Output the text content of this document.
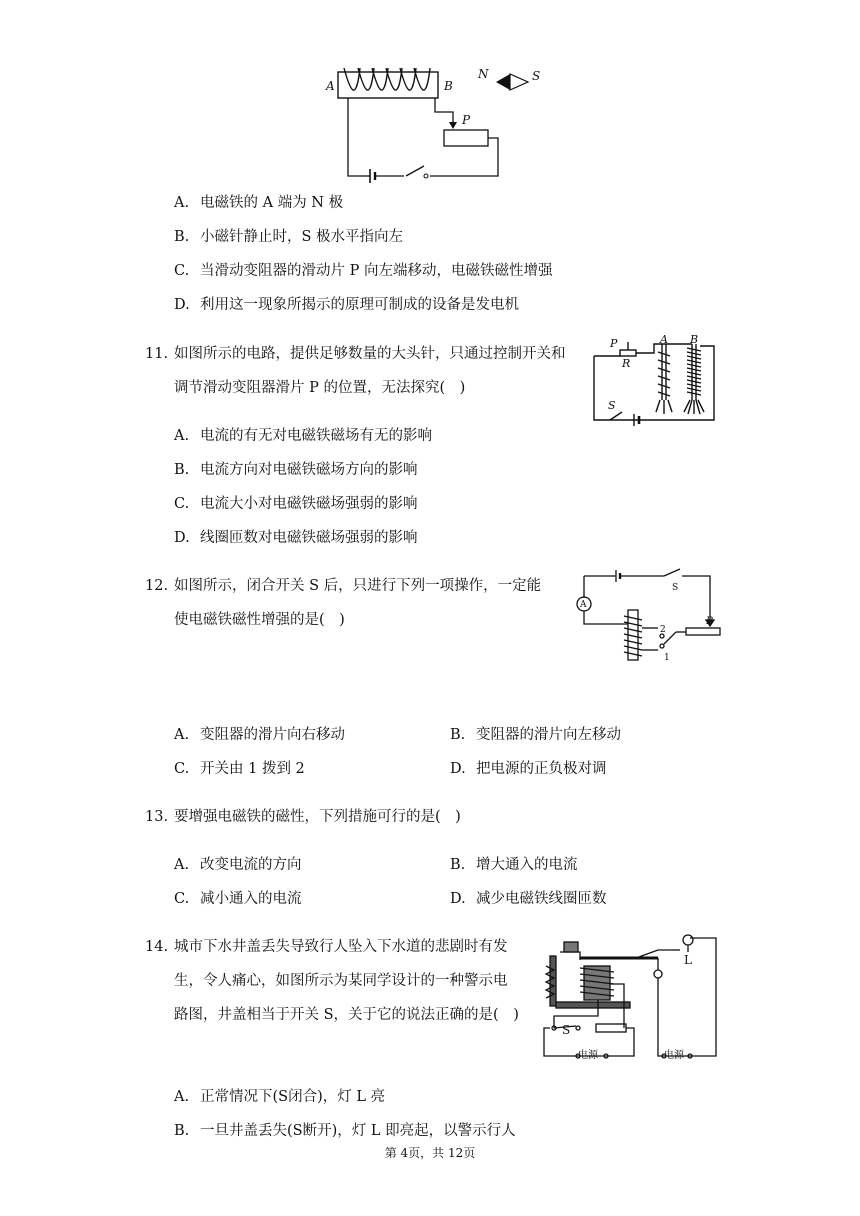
A	B
N	S
P
A. 电磁铁的 A 端为 N 极
B. 小磁针静止时，S 极水平指向左
C. 当滑动变阻器的滑动片 P 向左端移动，电磁铁磁性增强
D. 利用这一现象所揭示的原理可制成的设备是发电机
11. 如图所示的电路，提供足够数量的大头针，只通过控制开关和
调节滑动变阻器滑片 P 的位置，无法探究(　)
P
R
A B
S
A. 电流的有无对电磁铁磁场有无的影响
B. 电流方向对电磁铁磁场方向的影响
C. 电流大小对电磁铁磁场强弱的影响
D. 线圈匝数对电磁铁磁场强弱的影响
12. 如图所示，闭合开关 S 后，只进行下列一项操作，一定能
使电磁铁磁性增强的是(　)
A
S
P
2
1
A. 变阻器的滑片向右移动	B. 变阻器的滑片向左移动
C. 开关由 1 拨到 2	D. 把电源的正负极对调
13. 要增强电磁铁的磁性，下列措施可行的是(　)
A. 改变电流的方向	B. 增大通入的电流
C. 减小通入的电流	D. 减少电磁铁线圈匝数
14. 城市下水井盖丢失导致行人坠入下水道的悲剧时有发
生，令人痛心，如图所示为某同学设计的一种警示电
路图，井盖相当于开关 S，关于它的说法正确的是(　)
L
S
电源	电源
A. 正常情况下(S闭合)，灯 L 亮
B. 一旦井盖丢失(S断开)，灯 L 即亮起，以警示行人
第 4页，共 12页
